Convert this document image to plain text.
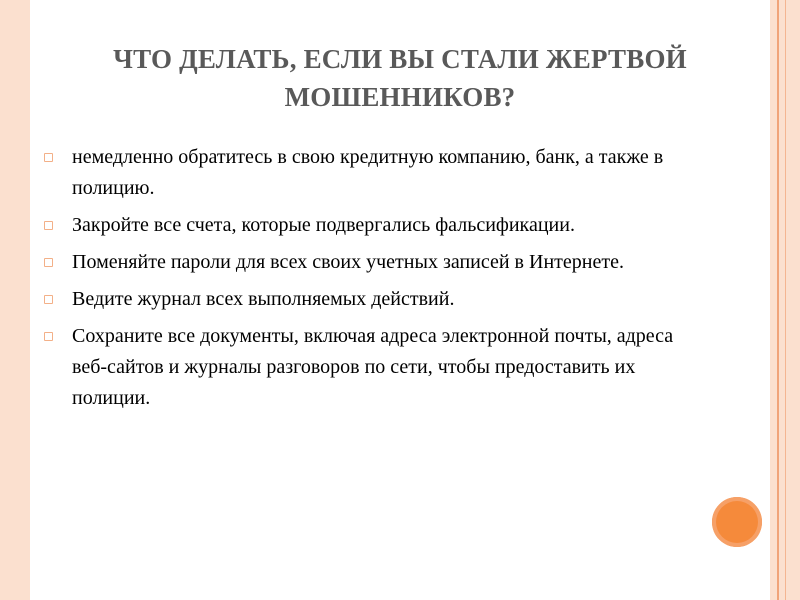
ЧТО ДЕЛАТЬ, ЕСЛИ ВЫ СТАЛИ ЖЕРТВОЙ
МОШЕННИКОВ?
немедленно обратитесь в свою кредитную компанию, банк, а также в полицию.
Закройте все счета, которые подвергались фальсификации.
Поменяйте пароли для всех своих учетных записей в Интернете.
Ведите журнал всех выполняемых действий.
Сохраните все документы, включая адреса электронной почты, адреса веб-сайтов и журналы разговоров по сети, чтобы предоставить их полиции.
